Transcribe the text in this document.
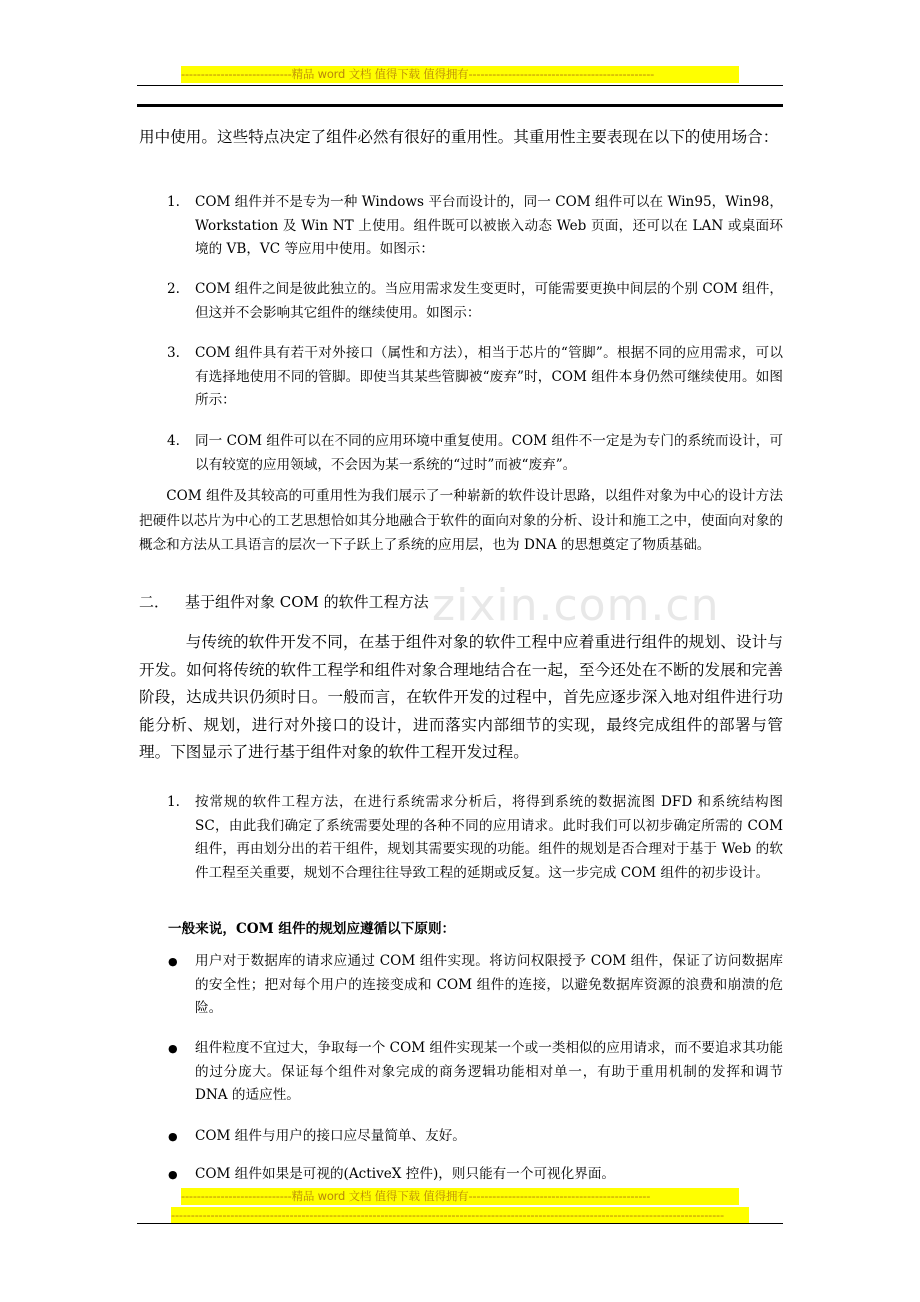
zixin.com.cn
----------------------------精品 word 文档 值得下载 值得拥有-----------------------------------------------
用中使用。这些特点决定了组件必然有很好的重用性。其重用性主要表现在以下的使用场合：
1. COM 组件并不是专为一种 Windows 平台而设计的，同一 COM 组件可以在 Win95，Win98，Workstation 及 Win NT 上使用。组件既可以被嵌入动态 Web 页面，还可以在 LAN 或桌面环境的 VB，VC 等应用中使用。如图示：
2. COM 组件之间是彼此独立的。当应用需求发生变更时，可能需要更换中间层的个别 COM 组件，但这并不会影响其它组件的继续使用。如图示：
3. COM 组件具有若干对外接口（属性和方法），相当于芯片的“管脚”。根据不同的应用需求，可以有选择地使用不同的管脚。即使当其某些管脚被“废弃”时，COM 组件本身仍然可继续使用。如图所示：
4. 同一 COM 组件可以在不同的应用环境中重复使用。COM 组件不一定是为专门的系统而设计，可以有较宽的应用领域，不会因为某一系统的“过时”而被“废弃”。
COM 组件及其较高的可重用性为我们展示了一种崭新的软件设计思路，以组件对象为中心的设计方法把硬件以芯片为中心的工艺思想恰如其分地融合于软件的面向对象的分析、设计和施工之中，使面向对象的概念和方法从工具语言的层次一下子跃上了系统的应用层，也为 DNA 的思想奠定了物质基础。
二． 基于组件对象 COM 的软件工程方法
与传统的软件开发不同，在基于组件对象的软件工程中应着重进行组件的规划、设计与开发。如何将传统的软件工程学和组件对象合理地结合在一起，至今还处在不断的发展和完善阶段，达成共识仍须时日。一般而言，在软件开发的过程中，首先应逐步深入地对组件进行功能分析、规划，进行对外接口的设计，进而落实内部细节的实现，最终完成组件的部署与管理。下图显示了进行基于组件对象的软件工程开发过程。
1. 按常规的软件工程方法，在进行系统需求分析后，将得到系统的数据流图 DFD 和系统结构图 SC，由此我们确定了系统需要处理的各种不同的应用请求。此时我们可以初步确定所需的 COM 组件，再由划分出的若干组件，规划其需要实现的功能。组件的规划是否合理对于基于 Web 的软件工程至关重要，规划不合理往往导致工程的延期或反复。这一步完成 COM 组件的初步设计。
一般来说，COM 组件的规划应遵循以下原则：
● 用户对于数据库的请求应通过 COM 组件实现。将访问权限授予 COM 组件，保证了访问数据库的安全性；把对每个用户的连接变成和 COM 组件的连接，以避免数据库资源的浪费和崩溃的危险。
● 组件粒度不宜过大，争取每一个 COM 组件实现某一个或一类相似的应用请求，而不要追求其功能的过分庞大。保证每个组件对象完成的商务逻辑功能相对单一，有助于重用机制的发挥和调节 DNA 的适应性。
● COM 组件与用户的接口应尽量简单、友好。
● COM 组件如果是可视的(ActiveX 控件)，则只能有一个可视化界面。
----------------------------精品 word 文档 值得下载 值得拥有----------------------------------------------
--------------------------------------------------------------------------------------------------------------------------------------------
